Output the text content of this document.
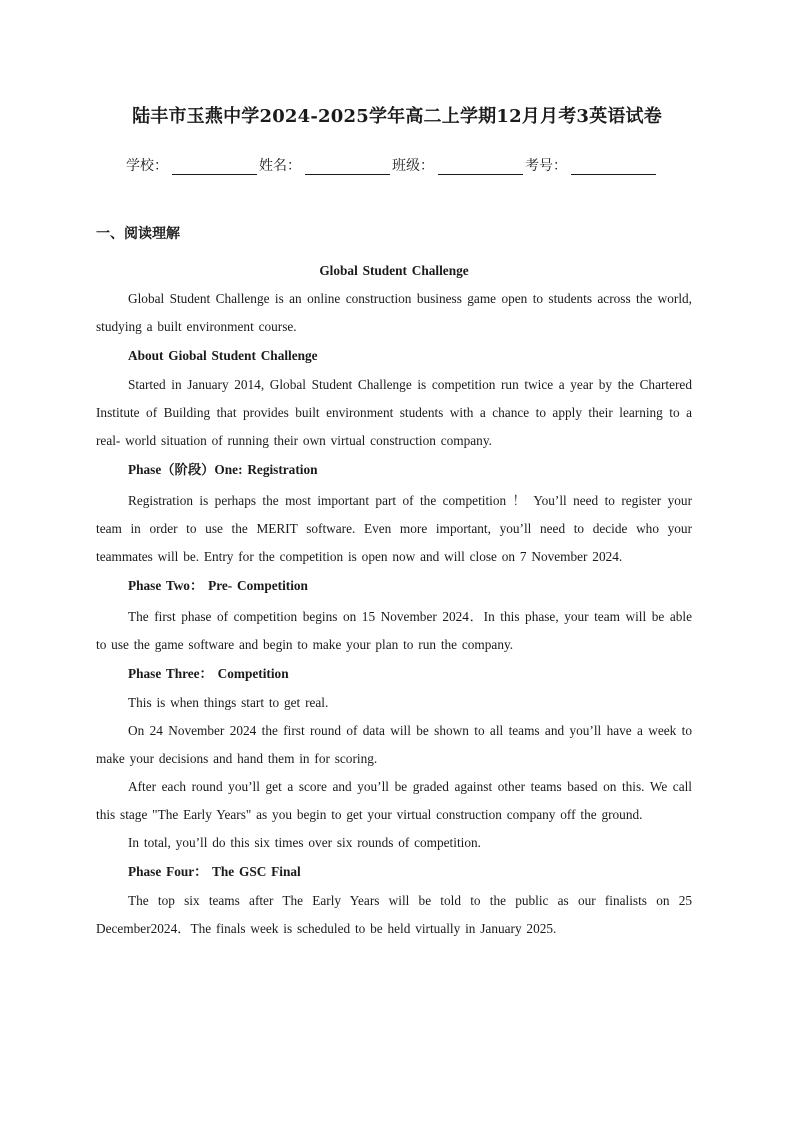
陆丰市玉燕中学2024-2025学年高二上学期12月月考3英语试卷
学校：	姓名：	班级：	考号：
一、阅读理解

Global Student Challenge

Global Student Challenge is an online construction business game open to students across the world, studying a built environment course.

About Giobal Student Challenge

Started in January 2014, Global Student Challenge is competition run twice a year by the Chartered Institute of Building that provides built environment students with a chance to apply their learning to a real- world situation of running their own virtual construction company.

Phase（阶段）One: Registration

Registration is perhaps the most important part of the competition ！ You’ll need to register your team in order to use the MERIT software. Even more important, you’ll need to decide who your teammates will be. Entry for the competition is open now and will close on 7 November 2024.

Phase Two： Pre- Competition

The first phase of competition begins on 15 November 2024．In this phase, your team will be able to use the game software and begin to make your plan to run the company.

Phase Three： Competition

This is when things start to get real.

On 24 November 2024 the first round of data will be shown to all teams and you’ll have a week to make your decisions and hand them in for scoring.

After each round you’ll get a score and you’ll be graded against other teams based on this. We call this stage "The Early Years" as you begin to get your virtual construction company off the ground.

In total, you’ll do this six times over six rounds of competition.

Phase Four： The GSC Final

The top six teams after The Early Years will be told to the public as our finalists on 25 December2024．The finals week is scheduled to be held virtually in January 2025.
